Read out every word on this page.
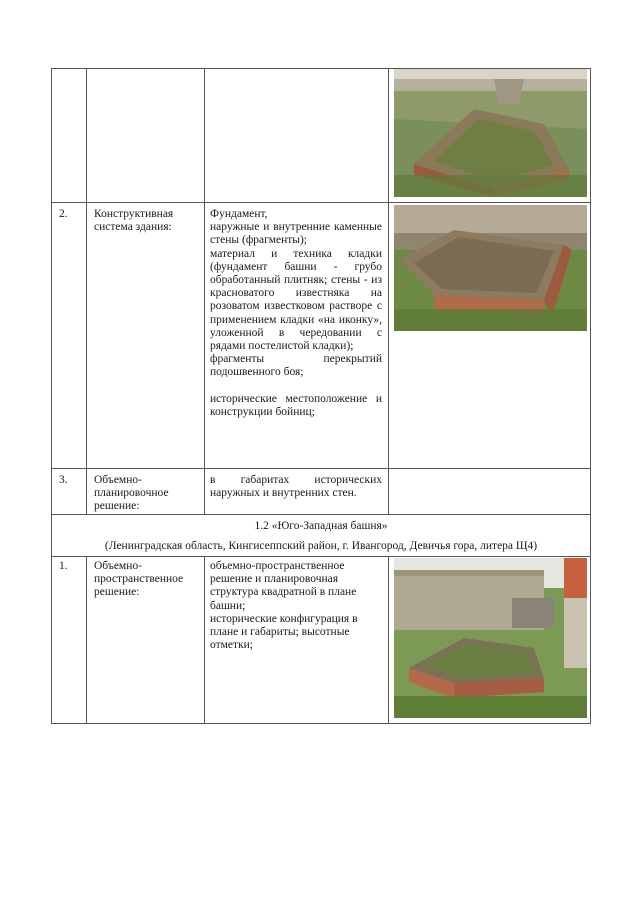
2. Конструктивная система здания:
Фундамент,
наружные и внутренние каменные стены (фрагменты);
материал и техника кладки (фундамент башни - грубо обработанный плитняк; стены - из красноватого известняка на розоватом известковом растворе с применением кладки «на иконку», уложенной в чередовании с рядами постелистой кладки);
фрагменты перекрытий подошвенного боя;

исторические местоположение и конструкции бойниц;
3. Объемно-планировочное решение:
в габаритах исторических наружных и внутренних стен.
1.2 «Юго-Западная башня»
(Ленинградская область, Кингисеппский район, г. Ивангород, Девичья гора, литера Щ4)
1. Объемно-пространственное решение:
объемно-пространственное решение и планировочная структура квадратной в плане башни;
исторические конфигурация в плане и габариты; высотные отметки;
